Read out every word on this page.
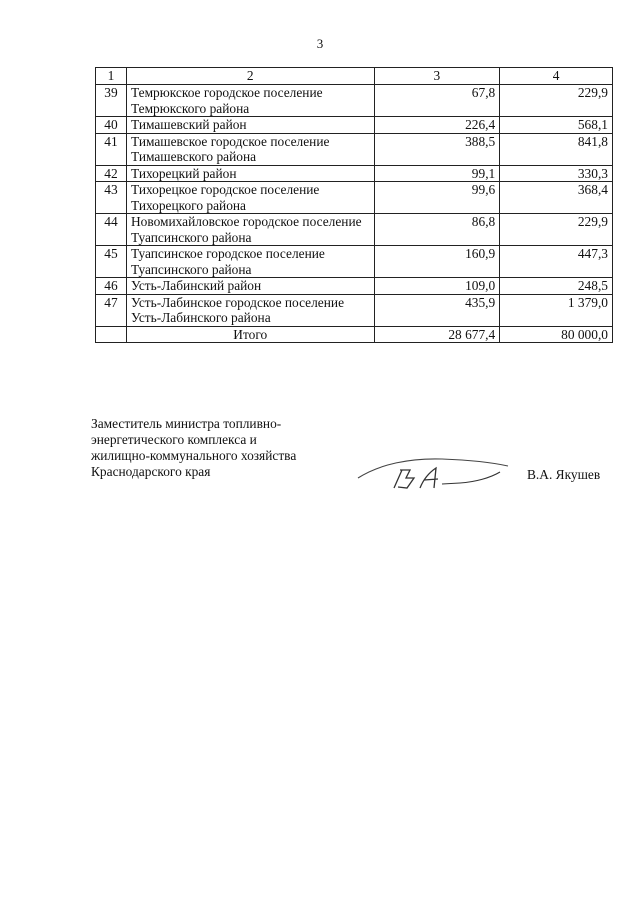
3
1	2	3	4
39	Темрюкское городское поселение Темрюкского района	67,8	229,9
40	Тимашевский район	226,4	568,1
41	Тимашевское городское поселение Тимашевского района	388,5	841,8
42	Тихорецкий район	99,1	330,3
43	Тихорецкое городское поселение Тихорецкого района	99,6	368,4
44	Новомихайловское городское поселение Туапсинского района	86,8	229,9
45	Туапсинское городское поселение Туапсинского района	160,9	447,3
46	Усть-Лабинский район	109,0	248,5
47	Усть-Лабинское городское поселение Усть-Лабинского района	435,9	1 379,0
	Итого	28 677,4	80 000,0
Заместитель министра топливно-
энергетического комплекса и
жилищно-коммунального хозяйства
Краснодарского края	В.А. Якушев
